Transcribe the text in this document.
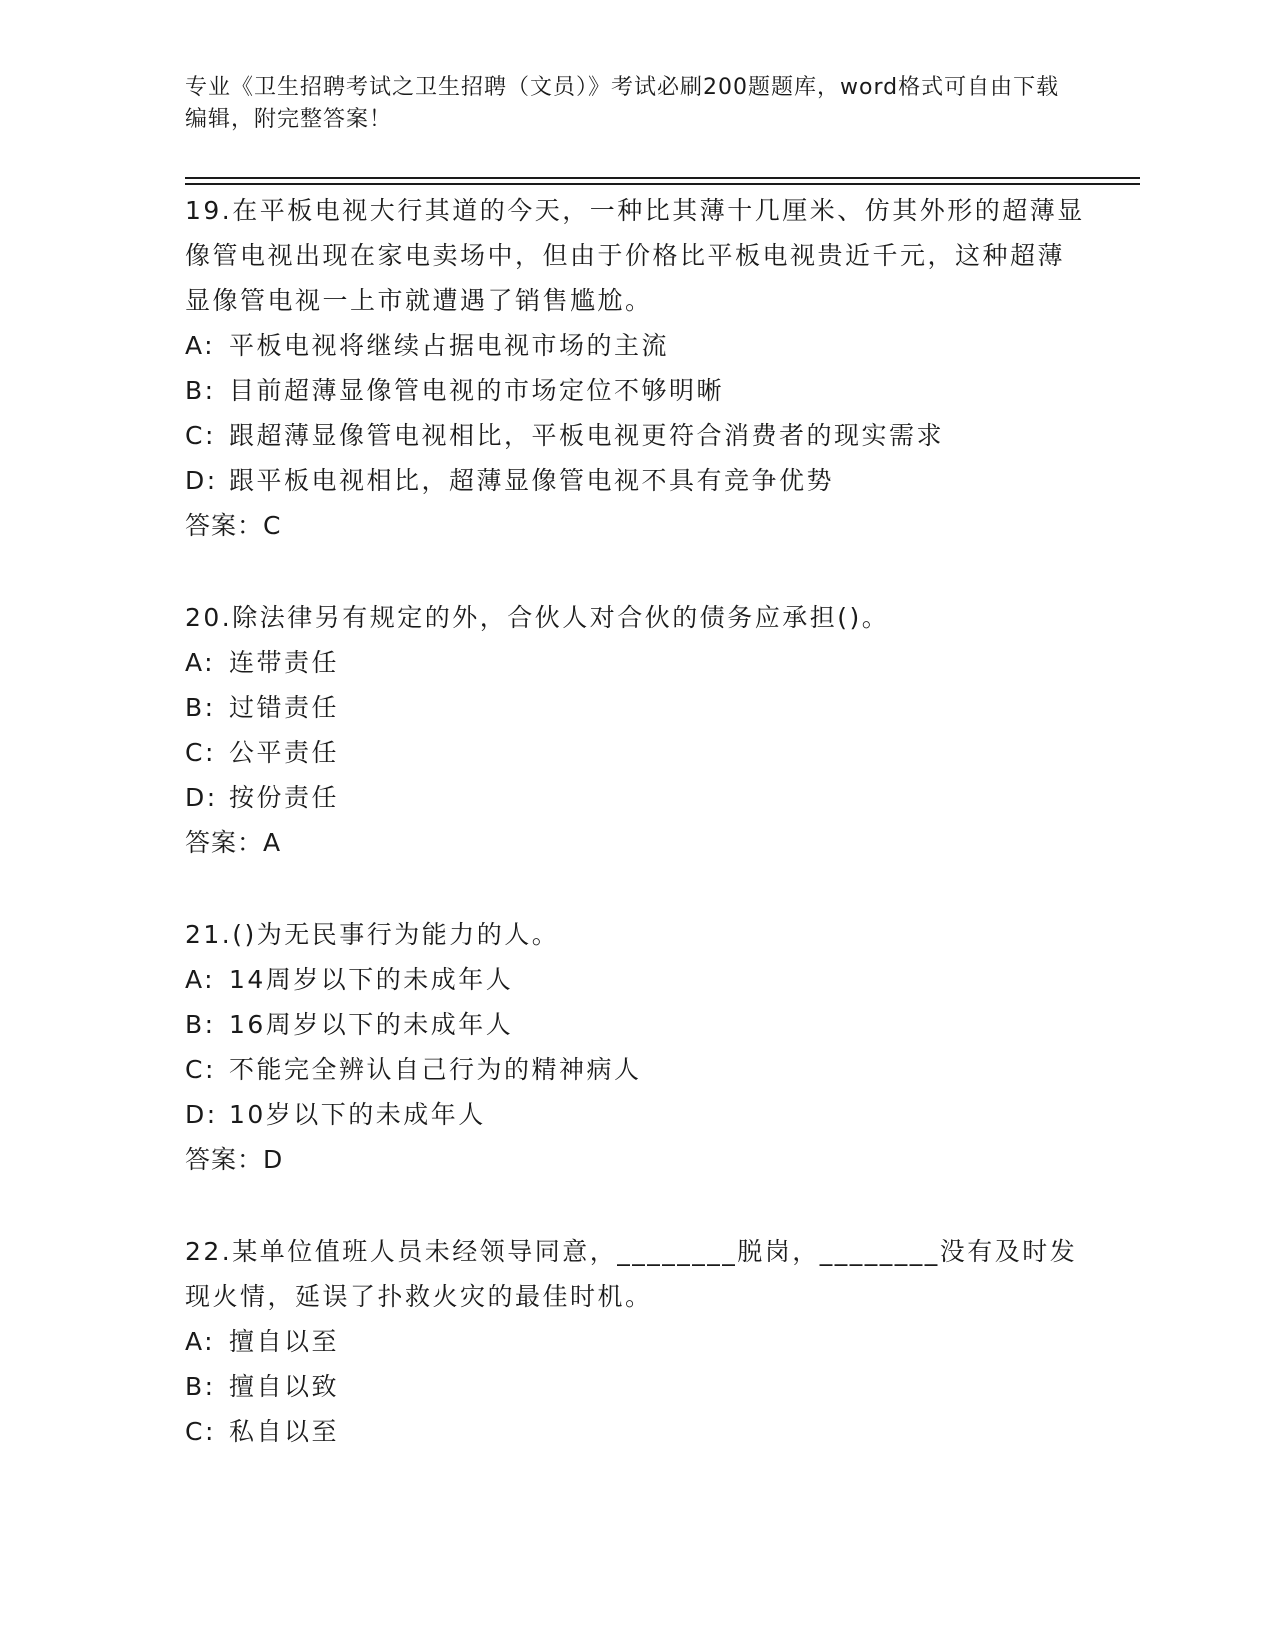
专业《卫生招聘考试之卫生招聘（文员）》考试必刷200题题库，word格式可自由下载编辑，附完整答案！
19.在平板电视大行其道的今天，一种比其薄十几厘米、仿其外形的超薄显像管电视出现在家电卖场中，但由于价格比平板电视贵近千元，这种超薄显像管电视一上市就遭遇了销售尴尬。
A: 平板电视将继续占据电视市场的主流
B: 目前超薄显像管电视的市场定位不够明晰
C: 跟超薄显像管电视相比，平板电视更符合消费者的现实需求
D: 跟平板电视相比，超薄显像管电视不具有竞争优势
答案：C
20.除法律另有规定的外，合伙人对合伙的债务应承担()。
A: 连带责任
B: 过错责任
C: 公平责任
D: 按份责任
答案：A
21.()为无民事行为能力的人。
A: 14周岁以下的未成年人
B: 16周岁以下的未成年人
C: 不能完全辨认自己行为的精神病人
D: 10岁以下的未成年人
答案：D
22.某单位值班人员未经领导同意，________脱岗，________没有及时发现火情，延误了扑救火灾的最佳时机。
A: 擅自以至
B: 擅自以致
C: 私自以至
